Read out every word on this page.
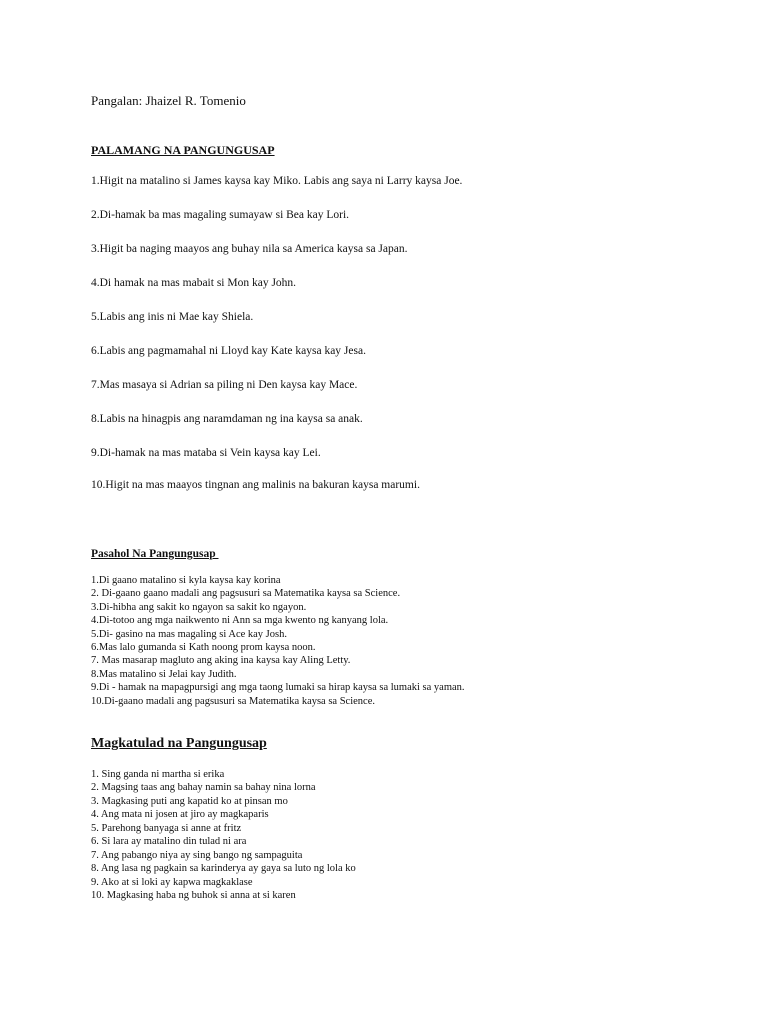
Pangalan: Jhaizel R. Tomenio
PALAMANG NA PANGUNGUSAP
1.Higit na matalino si James kaysa kay Miko. Labis ang saya ni Larry kaysa Joe.
2.Di-hamak ba mas magaling sumayaw si Bea kay Lori.
3.Higit ba naging maayos ang buhay nila sa America kaysa sa Japan.
4.Di hamak na mas mabait si Mon kay John.
5.Labis ang inis ni Mae kay Shiela.
6.Labis ang pagmamahal ni Lloyd kay Kate kaysa kay Jesa.
7.Mas masaya si Adrian sa piling ni Den kaysa kay Mace.
8.Labis na hinagpis ang naramdaman ng ina kaysa sa anak.
9.Di-hamak na mas mataba si Vein kaysa kay Lei.
10.Higit na mas maayos tingnan ang malinis na bakuran kaysa marumi.
Pasahol Na Pangungusap
1.Di gaano matalino si kyla kaysa kay korina
2. Di-gaano gaano madali ang pagsusuri sa Matematika kaysa sa Science.
3.Di-hibha ang sakit ko ngayon sa sakit ko ngayon.
4.Di-totoo ang mga naikwento ni Ann sa mga kwento ng kanyang lola.
5.Di- gasino na mas magaling si Ace kay Josh.
6.Mas lalo gumanda si Kath noong prom kaysa noon.
7. Mas masarap magluto ang aking ina kaysa kay Aling Letty.
8.Mas matalino si Jelai kay Judith.
9.Di - hamak na mapagpursigi ang mga taong lumaki sa hirap kaysa sa lumaki sa yaman.
10.Di-gaano madali ang pagsusuri sa Matematika kaysa sa Science.
Magkatulad na Pangungusap
1. Sing ganda ni martha si erika
2. Magsing taas ang bahay namin sa bahay nina lorna
3. Magkasing puti ang kapatid ko at pinsan mo
4. Ang mata ni josen at jiro ay magkaparis
5. Parehong banyaga si anne at fritz
6. Si lara ay matalino din tulad ni ara
7. Ang pabango niya ay sing bango ng sampaguita
8. Ang lasa ng pagkain sa karinderya ay gaya sa luto ng lola ko
9. Ako at si loki ay kapwa magkaklase
10. Magkasing haba ng buhok si anna at si karen
